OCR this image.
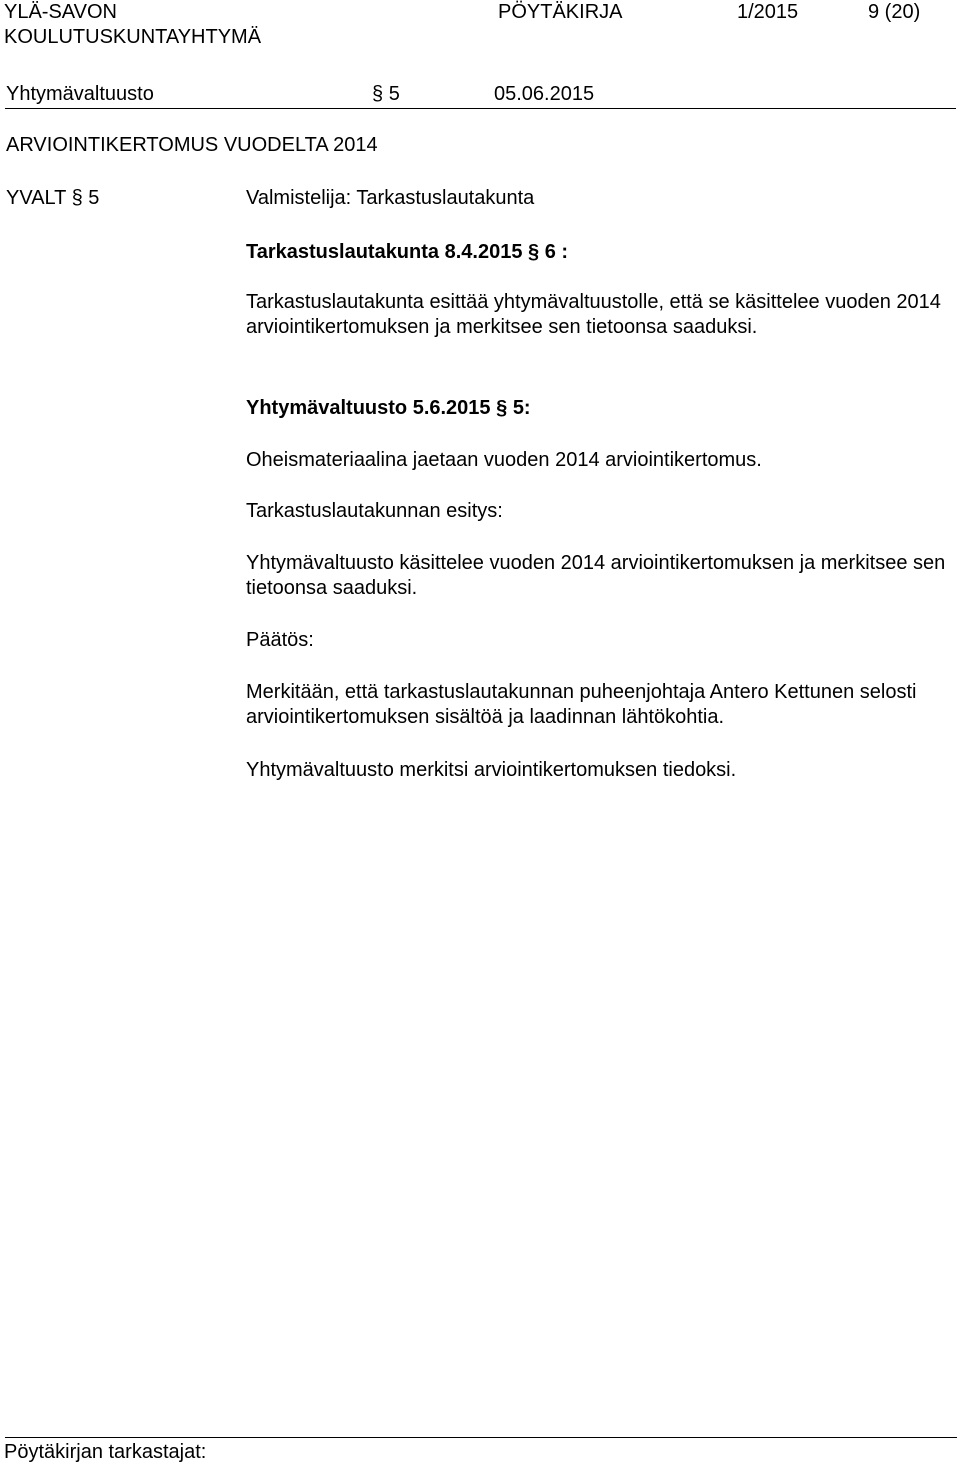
YLÄ-SAVON
KOULUTUSKUNTAYHTYMÄ
PÖYTÄKIRJA	1/2015	9 (20)
Yhtymävaltuusto	§ 5	05.06.2015
ARVIOINTIKERTOMUS VUODELTA 2014
YVALT § 5	Valmistelija: Tarkastuslautakunta
Tarkastuslautakunta 8.4.2015 § 6 :
Tarkastuslautakunta esittää yhtymävaltuustolle, että se käsittelee vuoden 2014 arviointikertomuksen ja merkitsee sen tietoonsa saaduksi.
Yhtymävaltuusto 5.6.2015 § 5:
Oheismateriaalina jaetaan vuoden 2014 arviointikertomus.
Tarkastuslautakunnan esitys:
Yhtymävaltuusto käsittelee vuoden 2014 arviointikertomuksen ja merkitsee sen tietoonsa saaduksi.
Päätös:
Merkitään, että tarkastuslautakunnan puheenjohtaja Antero Kettunen selosti arviointikertomuksen sisältöä ja laadinnan lähtökohtia.
Yhtymävaltuusto merkitsi arviointikertomuksen tiedoksi.
Pöytäkirjan tarkastajat:
